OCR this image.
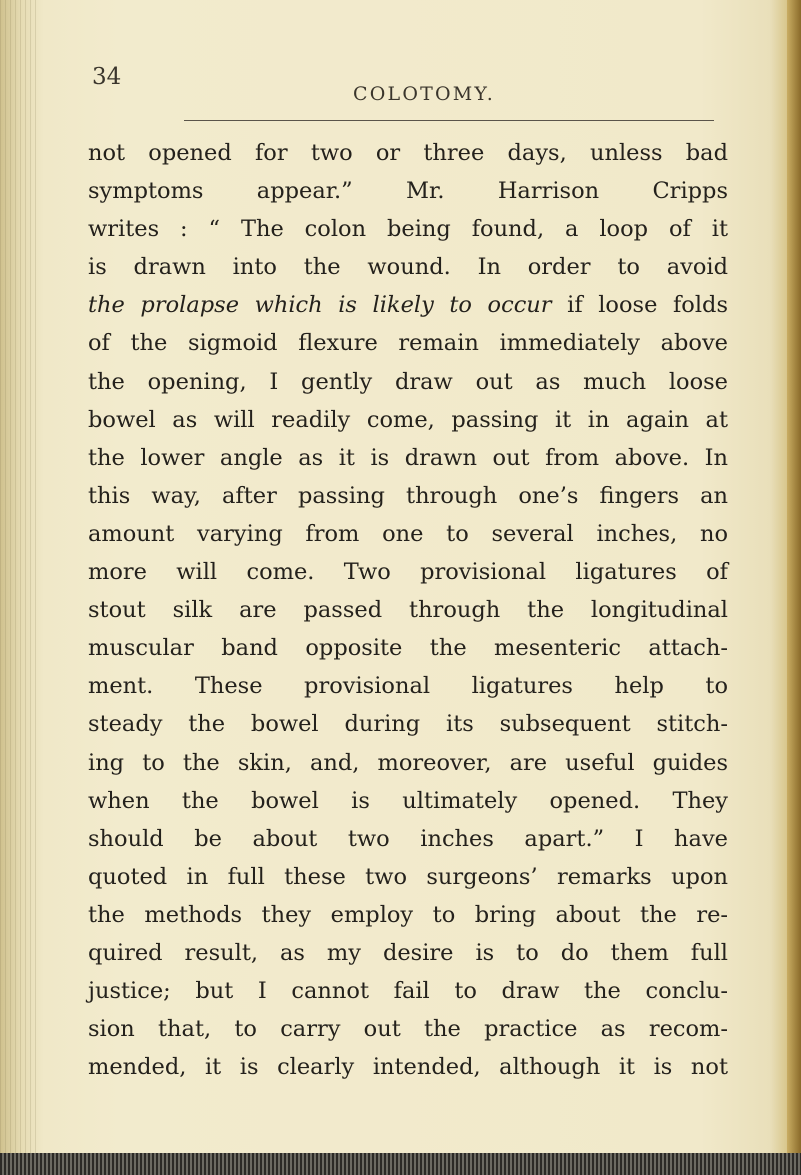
34

COLOTOMY.

not opened for two or three days, unless bad
symptoms appear.” Mr. Harrison Cripps
writes : “ The colon being found, a loop of it
is drawn into the wound. In order to avoid
the prolapse which is likely to occur if loose folds
of the sigmoid flexure remain immediately above
the opening, I gently draw out as much loose
bowel as will readily come, passing it in again at
the lower angle as it is drawn out from above. In
this way, after passing through one’s fingers an
amount varying from one to several inches, no
more will come. Two provisional ligatures of
stout silk are passed through the longitudinal
muscular band opposite the mesenteric attach-
ment. These provisional ligatures help to
steady the bowel during its subsequent stitch-
ing to the skin, and, moreover, are useful guides
when the bowel is ultimately opened. They
should be about two inches apart.” I have
quoted in full these two surgeons’ remarks upon
the methods they employ to bring about the re-
quired result, as my desire is to do them full
justice; but I cannot fail to draw the conclu-
sion that, to carry out the practice as recom-
mended, it is clearly intended, although it is not
